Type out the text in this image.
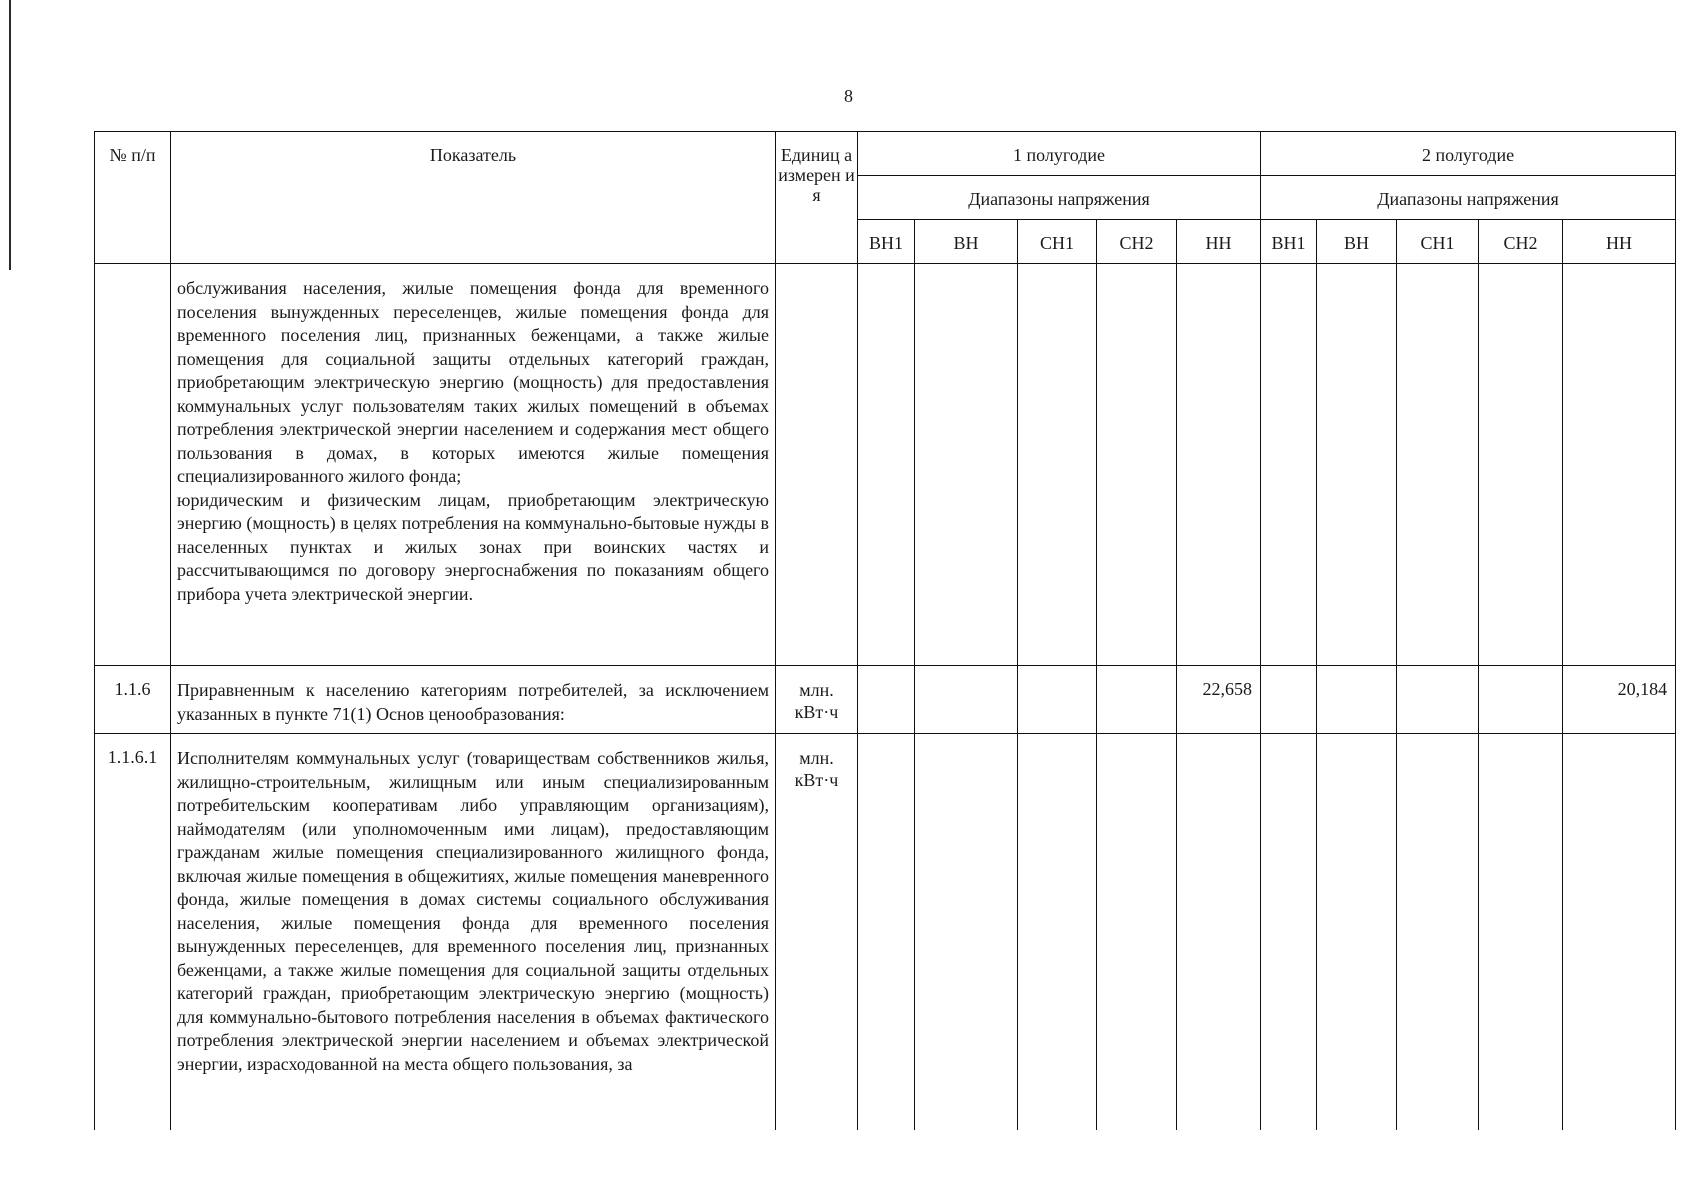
8
№ п/п	Показатель	Единиц а измерен ия	1 полугодие					2 полугодие				
			Диапазоны напряжения					Диапазоны напряжения				
			ВН1	ВН	СН1	СН2	НН	ВН1	ВН	СН1	СН2	НН

	обслуживания населения, жилые помещения фонда для временного поселения вынужденных переселенцев, жилые помещения фонда для временного поселения лиц, признанных беженцами, а также жилые помещения для социальной защиты отдельных категорий граждан, приобретающим электрическую энергию (мощность) для предоставления коммунальных услуг пользователям таких жилых помещений в объемах потребления электрической энергии населением и содержания мест общего пользования в домах, в которых имеются жилые помещения специализированного жилого фонда;

юридическим и физическим лицам, приобретающим электрическую энергию (мощность) в целях потребления на коммунально-бытовые нужды в населенных пунктах и жилых зонах при воинских частях и рассчитывающимся по договору энергоснабжения по показаниям общего прибора учета электрической энергии.											

1.1.6	Приравненным к населению категориям потребителей, за исключением указанных в пункте 71(1) Основ ценообразования:	млн. кВт·ч					22,658					20,184
1.1.6.1	Исполнителям коммунальных услуг (товариществам собственников жилья, жилищно-строительным, жилищным или иным специализированным потребительским кооперативам либо управляющим организациям), наймодателям (или уполномоченным ими лицам), предоставляющим гражданам жилые помещения специализированного жилищного фонда, включая жилые помещения в общежитиях, жилые помещения маневренного фонда, жилые помещения в домах системы социального обслуживания населения, жилые помещения фонда для временного поселения вынужденных переселенцев, для временного поселения лиц, признанных беженцами, а также жилые помещения для социальной защиты отдельных категорий граждан, приобретающим электрическую энергию (мощность) для коммунально-бытового потребления населения в объемах фактического потребления электрической энергии населением и объемах электрической энергии, израсходованной на места общего пользования, за	млн. кВт·ч										
